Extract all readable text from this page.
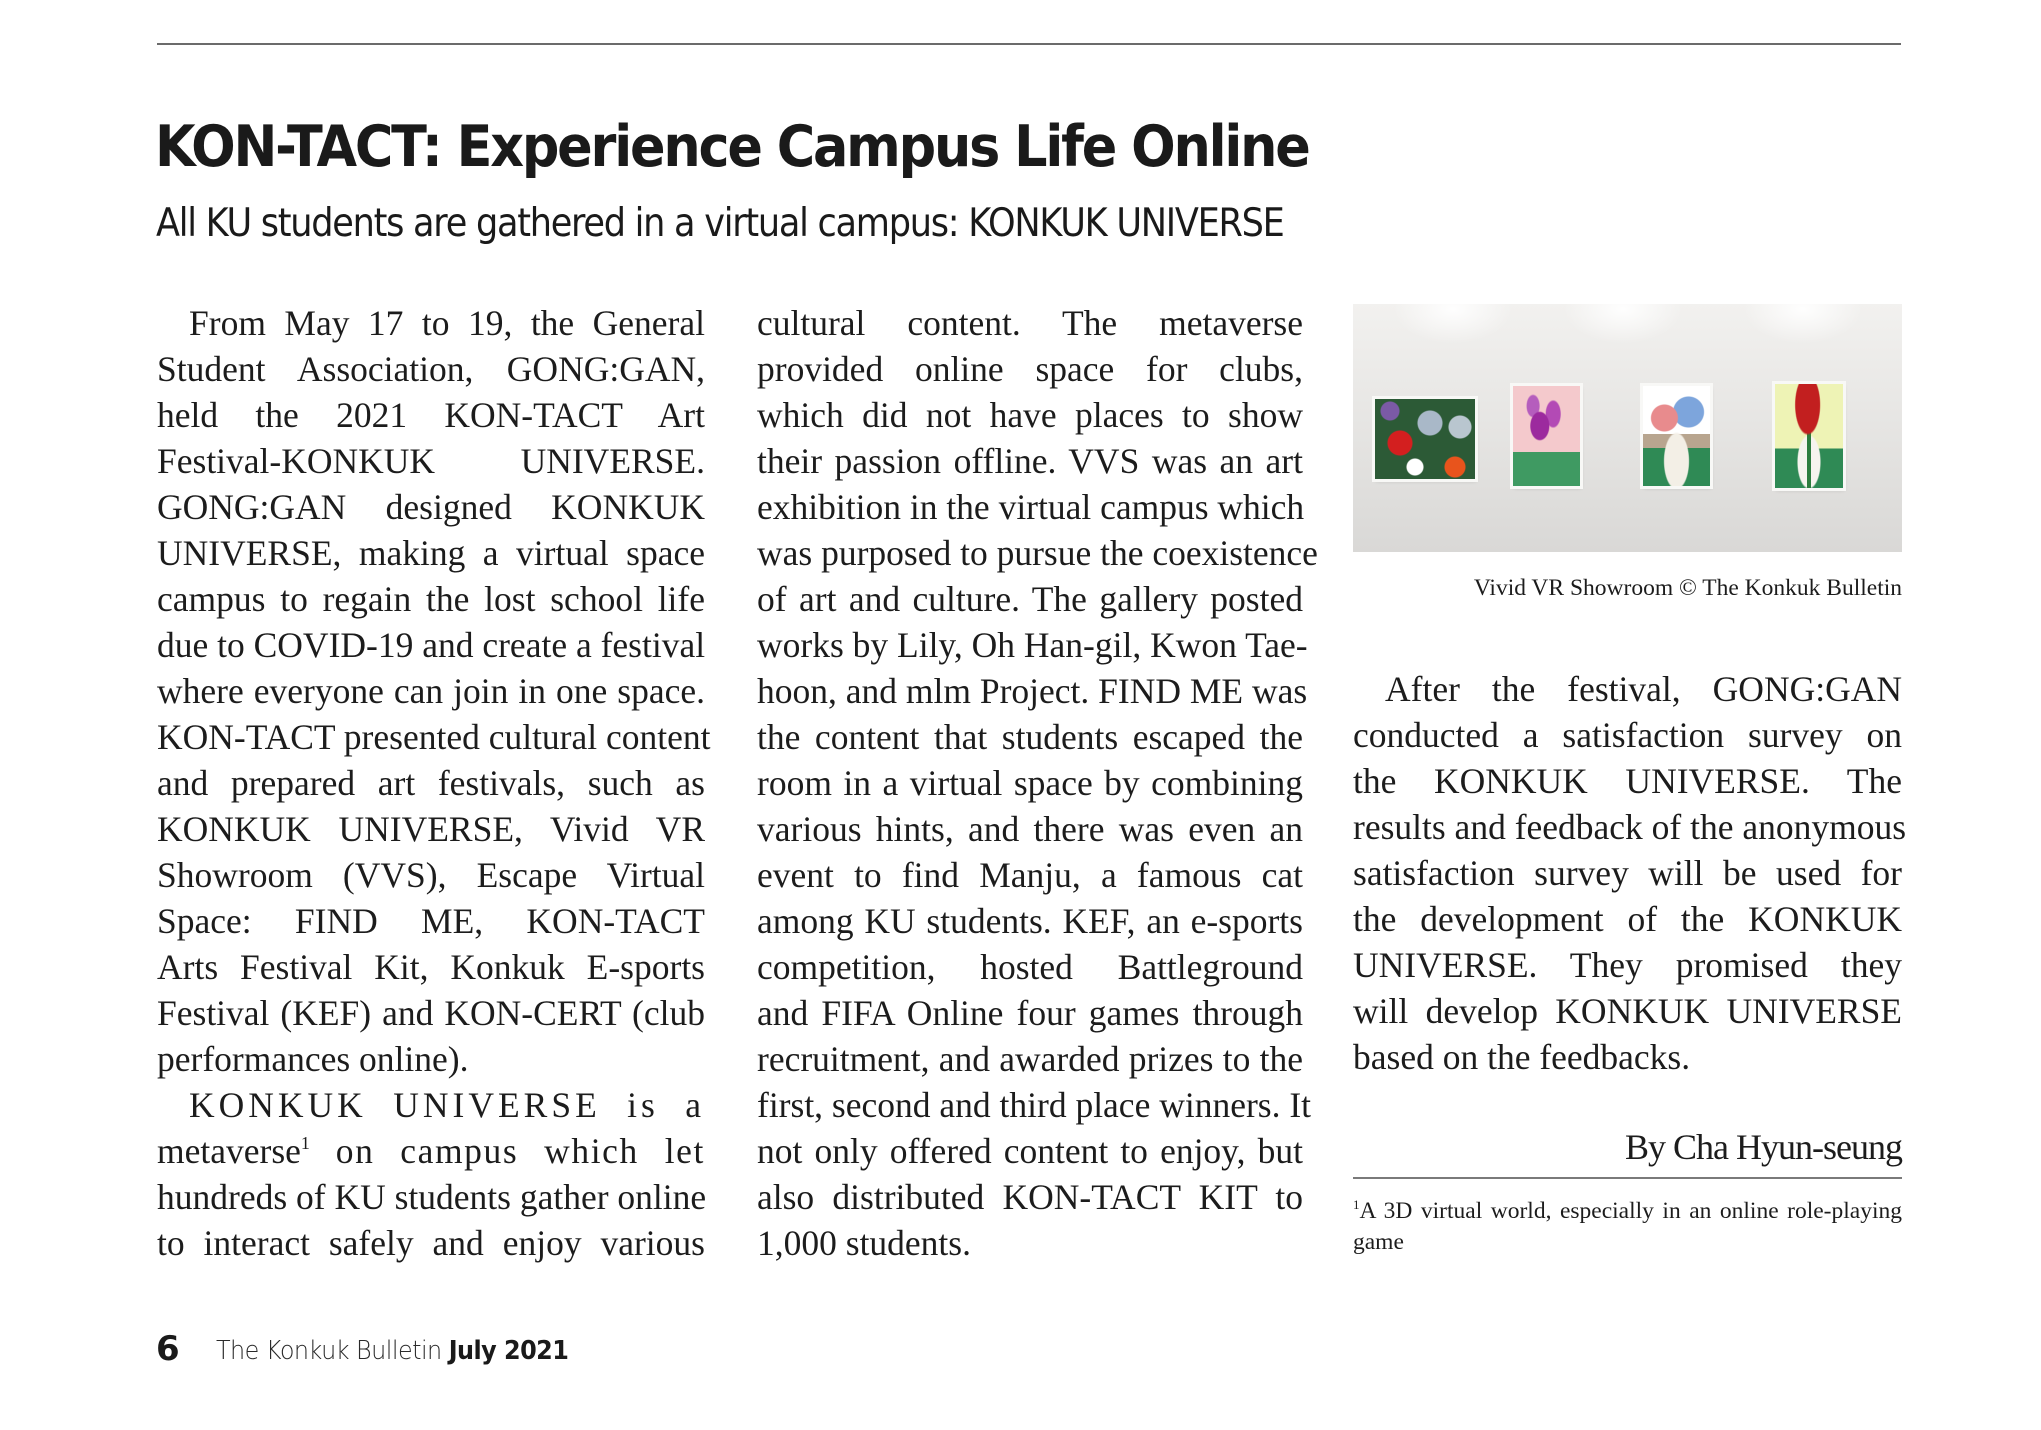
KON-TACT: Experience Campus Life Online
All KU students are gathered in a virtual campus: KONKUK UNIVERSE
From May 17 to 19, the General
Student Association, GONG:GAN,
held the 2021 KON-TACT Art
Festival-KONKUK UNIVERSE.
GONG:GAN designed KONKUK
UNIVERSE, making a virtual space
campus to regain the lost school life
due to COVID-19 and create a festival
where everyone can join in one space.
KON-TACT presented cultural content
and prepared art festivals, such as
KONKUK UNIVERSE, Vivid VR
Showroom (VVS), Escape Virtual
Space: FIND ME, KON-TACT
Arts Festival Kit, Konkuk E-sports
Festival (KEF) and KON-CERT (club
performances online).
KONKUK UNIVERSE is a
metaverse$^1$ on campus which let
hundreds of KU students gather online
to interact safely and enjoy various
cultural content. The metaverse
provided online space for clubs,
which did not have places to show
their passion offline. VVS was an art
exhibition in the virtual campus which
was purposed to pursue the coexistence
of art and culture. The gallery posted
works by Lily, Oh Han-gil, Kwon Tae-
hoon, and mlm Project. FIND ME was
the content that students escaped the
room in a virtual space by combining
various hints, and there was even an
event to find Manju, a famous cat
among KU students. KEF, an e-sports
competition, hosted Battleground
and FIFA Online four games through
recruitment, and awarded prizes to the
first, second and third place winners. It
not only offered content to enjoy, but
also distributed KON-TACT KIT to
1,000 students.

Vivid VR Showroom © The Konkuk Bulletin

After the festival, GONG:GAN
conducted a satisfaction survey on
the KONKUK UNIVERSE. The
results and feedback of the anonymous
satisfaction survey will be used for
the development of the KONKUK
UNIVERSE. They promised they
will develop KONKUK UNIVERSE
based on the feedbacks.
By Cha Hyun-seung
$^1$A 3D virtual world, especially in an online role-playing
game
6 The Konkuk Bulletin July 2021
